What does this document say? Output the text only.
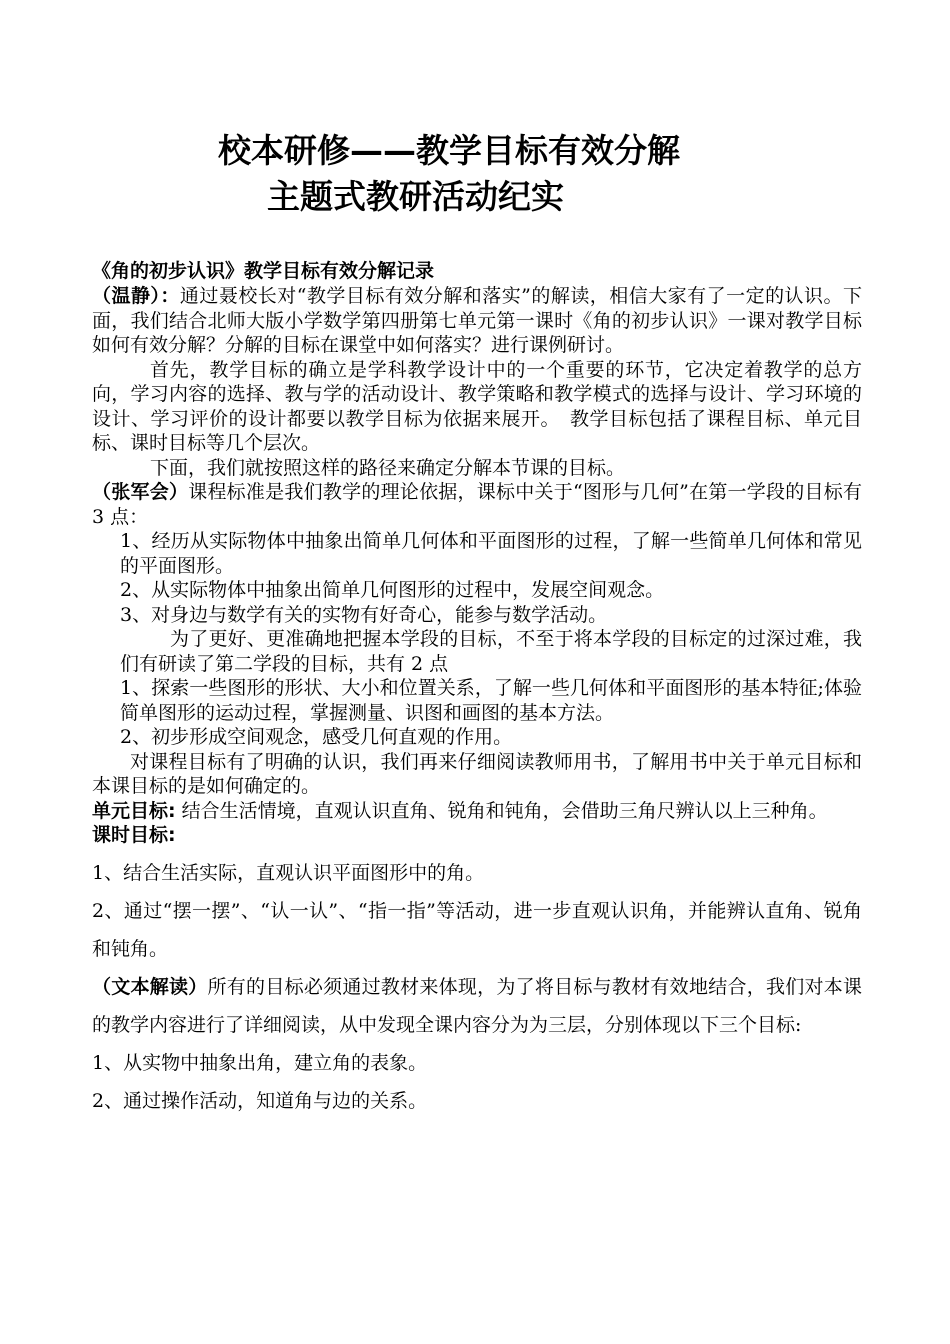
校本研修——教学目标有效分解
主题式教研活动纪实
《角的初步认识》教学目标有效分解记录
（温静）：通过聂校长对“教学目标有效分解和落实”的解读，相信大家有了一定的认识。下面，我们结合北师大版小学数学第四册第七单元第一课时《角的初步认识》一课对教学目标如何有效分解？分解的目标在课堂中如何落实？进行课例研讨。
首先，教学目标的确立是学科教学设计中的一个重要的环节，它决定着教学的总方向，学习内容的选择、教与学的活动设计、教学策略和教学模式的选择与设计、学习环境的设计、学习评价的设计都要以教学目标为依据来展开。　教学目标包括了课程目标、单元目标、课时目标等几个层次。
下面，我们就按照这样的路径来确定分解本节课的目标。
（张军会）课程标准是我们教学的理论依据，课标中关于“图形与几何”在第一学段的目标有 3 点：
1、经历从实际物体中抽象出简单几何体和平面图形的过程，了解一些简单几何体和常见的平面图形。
2、从实际物体中抽象出简单几何图形的过程中，发展空间观念。
3、对身边与数学有关的实物有好奇心，能参与数学活动。
为了更好、更准确地把握本学段的目标，不至于将本学段的目标定的过深过难，我们有研读了第二学段的目标，共有 2 点
1、探索一些图形的形状、大小和位置关系，了解一些几何体和平面图形的基本特征;体验简单图形的运动过程，掌握测量、识图和画图的基本方法。
2、初步形成空间观念，感受几何直观的作用。
对课程目标有了明确的认识，我们再来仔细阅读教师用书，了解用书中关于单元目标和本课目标的是如何确定的。
单元目标: 结合生活情境，直观认识直角、锐角和钝角，会借助三角尺辨认以上三种角。
课时目标:
1、结合生活实际，直观认识平面图形中的角。
2、通过“摆一摆”、“认一认”、“指一指”等活动，进一步直观认识角，并能辨认直角、锐角和钝角。
（文本解读）所有的目标必须通过教材来体现，为了将目标与教材有效地结合，我们对本课的教学内容进行了详细阅读，从中发现全课内容分为为三层，分别体现以下三个目标:
1、从实物中抽象出角，建立角的表象。
2、通过操作活动，知道角与边的关系。
